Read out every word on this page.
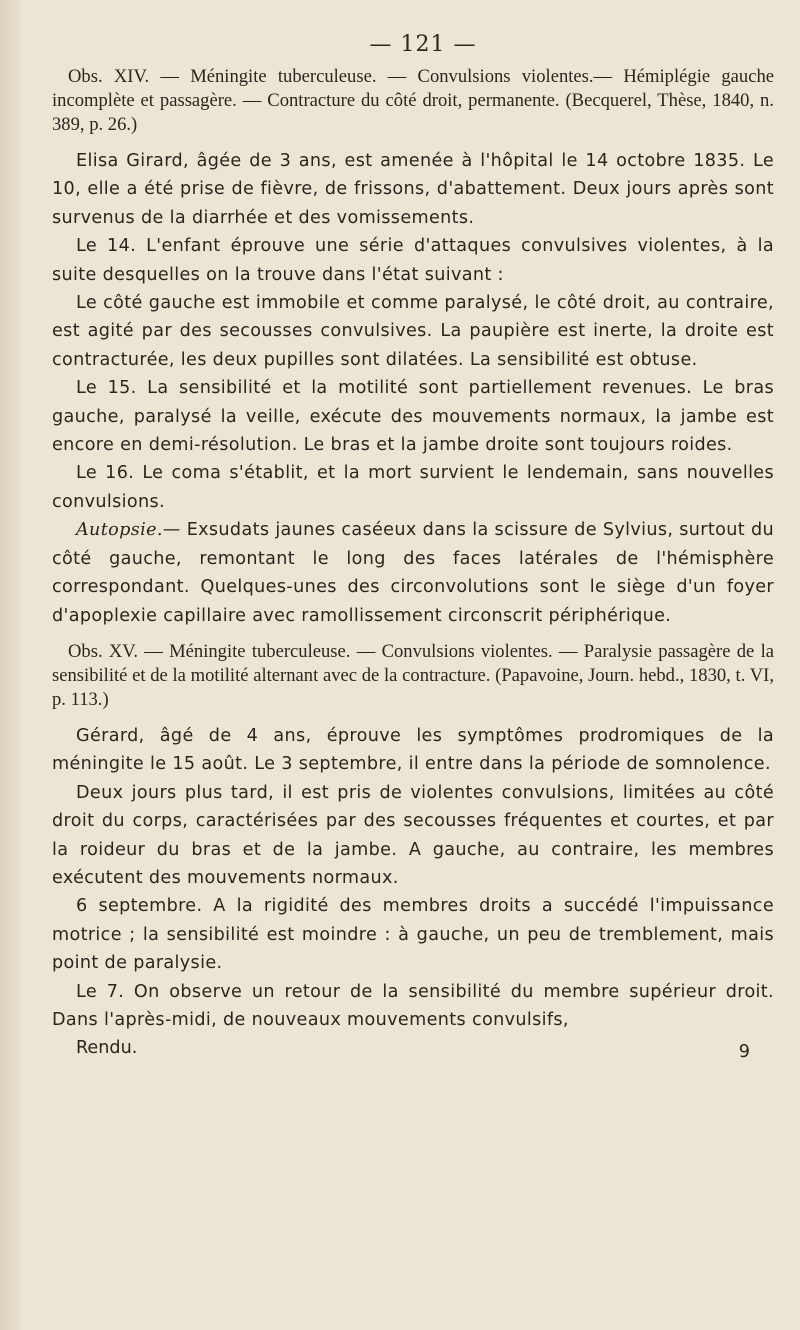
— 121 —

Obs. XIV. — Méningite tuberculeuse. — Convulsions violentes.— Hémiplégie gauche incomplète et passagère. — Contracture du côté droit, permanente. (Becquerel, Thèse, 1840, n. 389, p. 26.)

Elisa Girard, âgée de 3 ans, est amenée à l'hôpital le 14 octobre 1835. Le 10, elle a été prise de fièvre, de frissons, d'abattement. Deux jours après sont survenus de la diarrhée et des vomissements.

Le 14. L'enfant éprouve une série d'attaques convulsives violentes, à la suite desquelles on la trouve dans l'état suivant :

Le côté gauche est immobile et comme paralysé, le côté droit, au contraire, est agité par des secousses convulsives. La paupière est inerte, la droite est contracturée, les deux pupilles sont dilatées. La sensibilité est obtuse.

Le 15. La sensibilité et la motilité sont partiellement revenues. Le bras gauche, paralysé la veille, exécute des mouvements normaux, la jambe est encore en demi-résolution. Le bras et la jambe droite sont toujours roides.

Le 16. Le coma s'établit, et la mort survient le lendemain, sans nouvelles convulsions.

Autopsie.— Exsudats jaunes caséeux dans la scissure de Sylvius, surtout du côté gauche, remontant le long des faces latérales de l'hémisphère correspondant. Quelques-unes des circonvolutions sont le siège d'un foyer d'apoplexie capillaire avec ramollissement circonscrit périphérique.

Obs. XV. — Méningite tuberculeuse. — Convulsions violentes. — Paralysie passagère de la sensibilité et de la motilité alternant avec de la contracture. (Papavoine, Journ. hebd., 1830, t. VI, p. 113.)

Gérard, âgé de 4 ans, éprouve les symptômes prodromiques de la méningite le 15 août. Le 3 septembre, il entre dans la période de somnolence.

Deux jours plus tard, il est pris de violentes convulsions, limitées au côté droit du corps, caractérisées par des secousses fréquentes et courtes, et par la roideur du bras et de la jambe. A gauche, au contraire, les membres exécutent des mouvements normaux.

6 septembre. A la rigidité des membres droits a succédé l'impuissance motrice ; la sensibilité est moindre : à gauche, un peu de tremblement, mais point de paralysie.

Le 7. On observe un retour de la sensibilité du membre supérieur droit. Dans l'après-midi, de nouveaux mouvements convulsifs,

Rendu.	9
